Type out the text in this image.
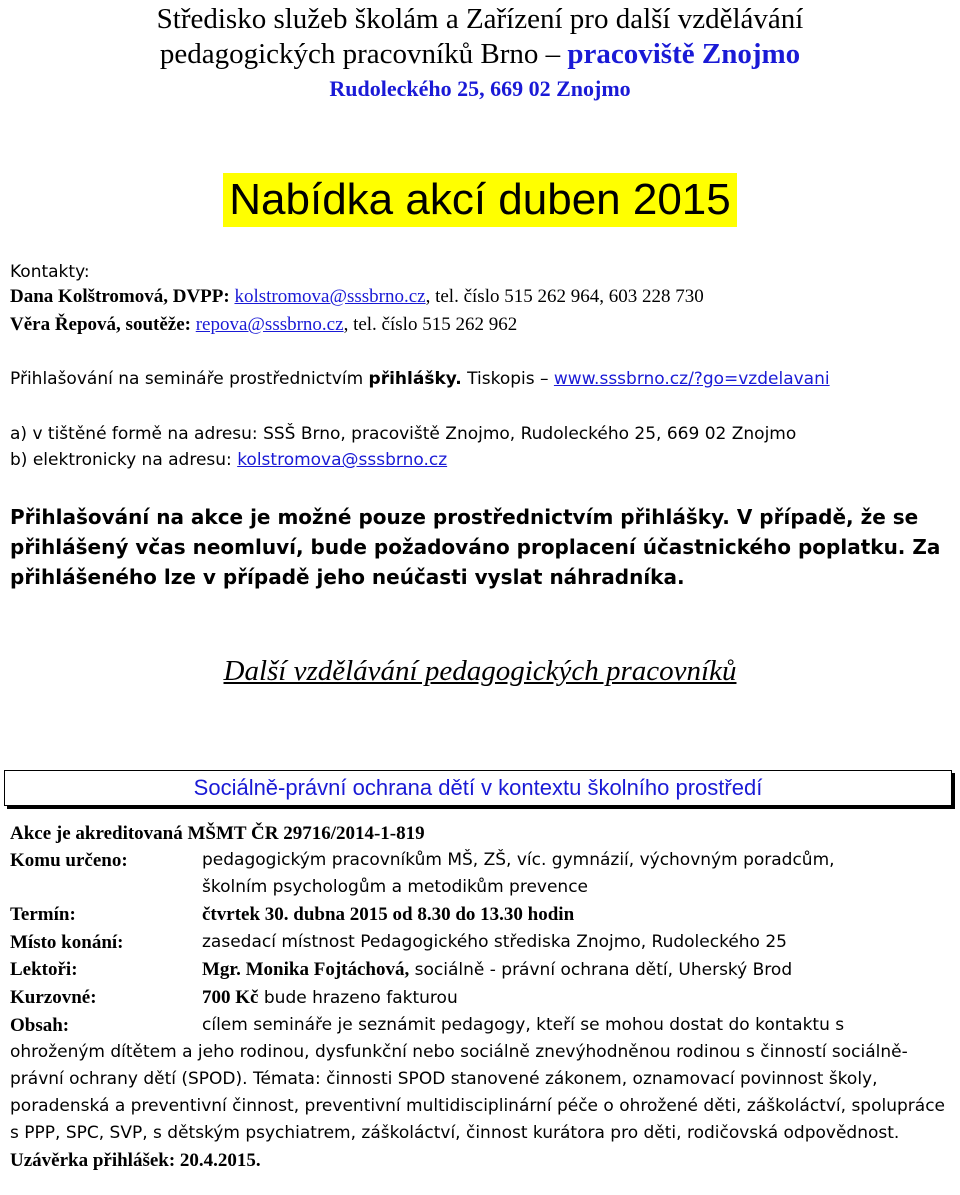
Středisko služeb školám a Zařízení pro další vzdělávání
pedagogických pracovníků Brno – pracoviště Znojmo
Rudoleckého 25, 669 02 Znojmo
Nabídka akcí duben 2015
Kontakty:
Dana Kolštromová, DVPP: kolstromova@sssbrno.cz, tel. číslo 515 262 964, 603 228 730
Věra Řepová, soutěže: repova@sssbrno.cz, tel. číslo 515 262 962
Přihlašování na semináře prostřednictvím přihlášky. Tiskopis – www.sssbrno.cz/?go=vzdelavani
a) v tištěné formě na adresu: SSŠ Brno, pracoviště Znojmo, Rudoleckého 25, 669 02 Znojmo
b) elektronicky na adresu: kolstromova@sssbrno.cz
Přihlašování na akce je možné pouze prostřednictvím přihlášky. V případě, že se přihlášený včas neomluví, bude požadováno proplacení účastnického poplatku. Za přihlášeného lze v případě jeho neúčasti vyslat náhradníka.
Další vzdělávání pedagogických pracovníků
Sociálně-právní ochrana dětí v kontextu školního prostředí
Akce je akreditovaná MŠMT ČR 29716/2014-1-819
Komu určeno:	pedagogickým pracovníkům MŠ, ZŠ, víc. gymnázií, výchovným poradcům,
školním psychologům a metodikům prevence
Termín:	čtvrtek 30. dubna 2015 od 8.30 do 13.30 hodin
Místo konání:	zasedací místnost Pedagogického střediska Znojmo, Rudoleckého 25
Lektoři:	Mgr. Monika Fojtáchová, sociálně - právní ochrana dětí, Uherský Brod
Kurzovné:	700 Kč bude hrazeno fakturou
Obsah:	cílem semináře je seznámit pedagogy, kteří se mohou dostat do kontaktu s
ohroženým dítětem a jeho rodinou, dysfunkční nebo sociálně znevýhodněnou rodinou s činností sociálně-právní ochrany dětí (SPOD). Témata: činnosti SPOD stanovené zákonem, oznamovací povinnost školy, poradenská a preventivní činnost, preventivní multidisciplinární péče o ohrožené děti, záškoláctví, spolupráce s PPP, SPC, SVP, s dětským psychiatrem, záškoláctví, činnost kurátora pro děti, rodičovská odpovědnost.
Uzávěrka přihlášek: 20.4.2015.
